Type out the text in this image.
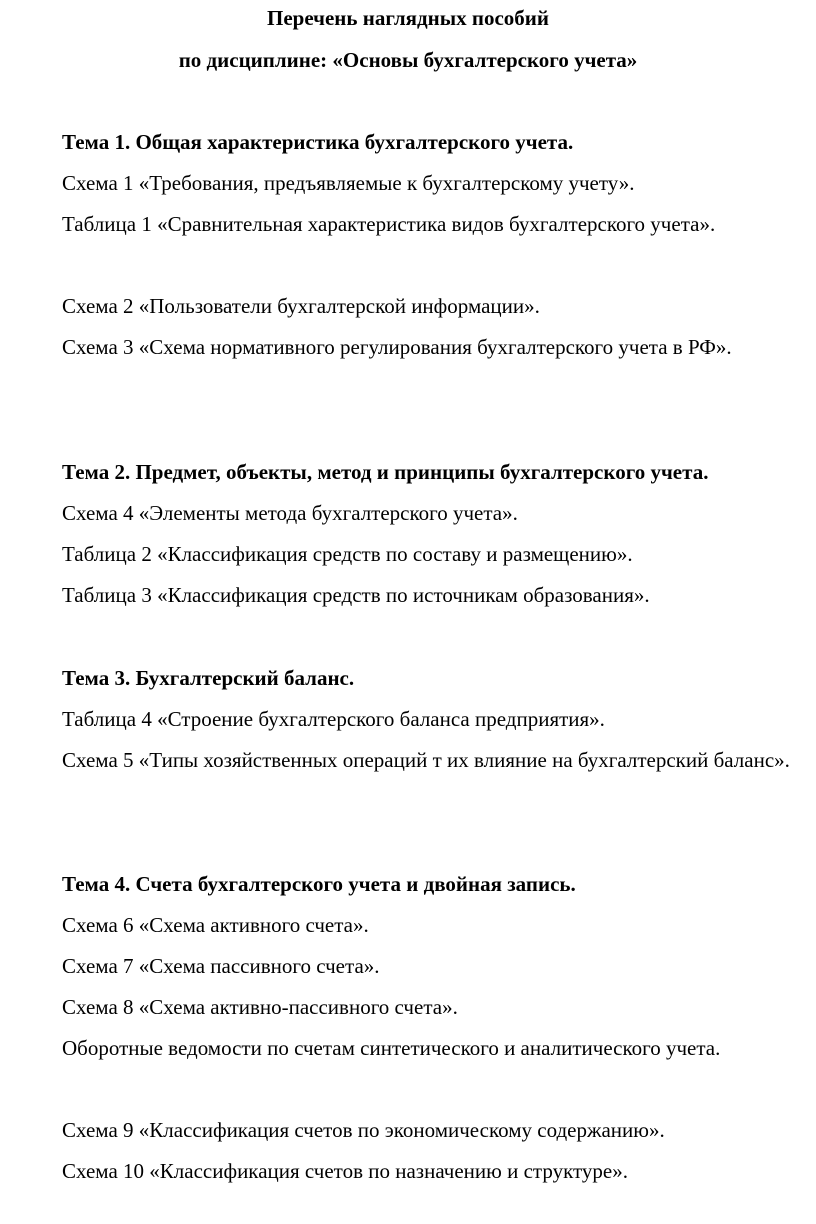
Перечень наглядных пособий

по дисциплине: «Основы бухгалтерского учета»

Тема 1. Общая характеристика бухгалтерского учета.

Схема 1 «Требования, предъявляемые к бухгалтерскому учету».

Таблица 1 «Сравнительная характеристика видов бухгалтерского учета».

Схема 2 «Пользователи бухгалтерской информации».

Схема 3 «Схема нормативного регулирования бухгалтерского учета в РФ».

Тема 2. Предмет, объекты, метод и принципы бухгалтерского учета.

Схема 4 «Элементы метода бухгалтерского учета».

Таблица 2 «Классификация средств по составу и размещению».

Таблица 3 «Классификация средств по источникам образования».

Тема 3. Бухгалтерский баланс.

Таблица 4 «Строение бухгалтерского баланса предприятия».

Схема 5 «Типы хозяйственных операций т их влияние на бухгалтерский баланс».

Тема 4. Счета бухгалтерского учета и двойная запись.

Схема 6 «Схема активного счета».

Схема 7 «Схема пассивного счета».

Схема 8 «Схема активно-пассивного счета».

Оборотные ведомости по счетам синтетического и аналитического учета.

Схема 9 «Классификация счетов по экономическому содержанию».

Схема 10 «Классификация счетов по назначению и структуре».
